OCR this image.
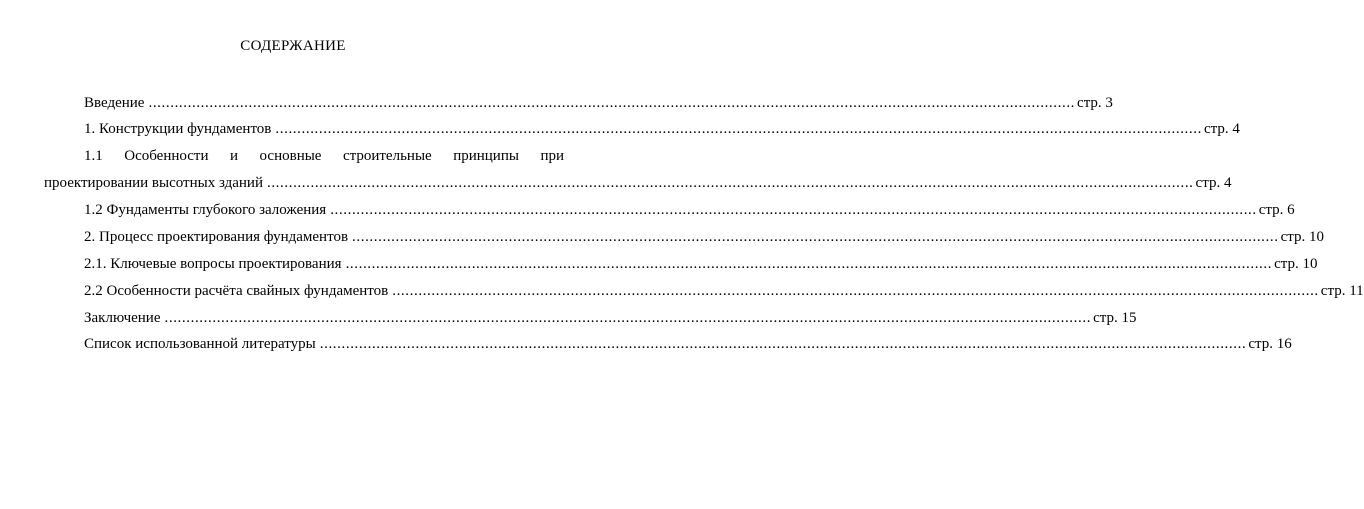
СОДЕРЖАНИЕ
Введение ..................................................................................................................................................................................................................... стр. 3
1. Конструкции фундаментов ..................................................................................................................................................................................................................... стр. 4
1.1 Особенности и основные строительные принципы при
проектировании высотных зданий ..................................................................................................................................................................................................................... стр. 4
1.2 Фундаменты глубокого заложения ..................................................................................................................................................................................................................... стр. 6
2. Процесс проектирования фундаментов ..................................................................................................................................................................................................................... стр. 10
2.1. Ключевые вопросы проектирования ..................................................................................................................................................................................................................... стр. 10
2.2 Особенности расчёта свайных фундаментов ..................................................................................................................................................................................................................... стр. 11
Заключение ..................................................................................................................................................................................................................... стр. 15
Список использованной литературы ..................................................................................................................................................................................................................... стр. 16
